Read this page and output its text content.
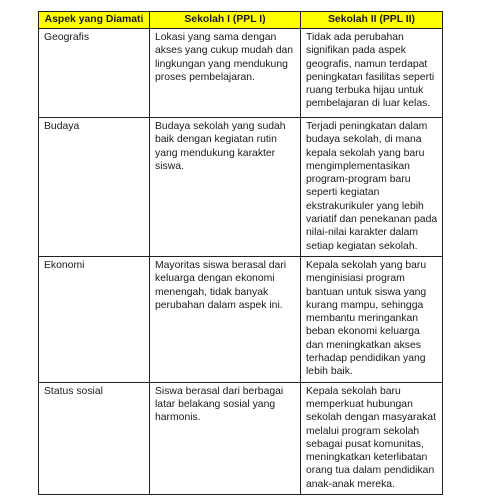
Aspek yang Diamati	Sekolah I (PPL I)	Sekolah II (PPL II)
Geografis	Lokasi yang sama dengan akses yang cukup mudah dan lingkungan yang mendukung proses pembelajaran.	Tidak ada perubahan signifikan pada aspek geografis, namun terdapat peningkatan fasilitas seperti ruang terbuka hijau untuk pembelajaran di luar kelas.
Budaya	Budaya sekolah yang sudah baik dengan kegiatan rutin yang mendukung karakter siswa.	Terjadi peningkatan dalam budaya sekolah, di mana kepala sekolah yang baru mengimplementasikan program-program baru seperti kegiatan ekstrakurikuler yang lebih variatif dan penekanan pada nilai-nilai karakter dalam setiap kegiatan sekolah.
Ekonomi	Mayoritas siswa berasal dari keluarga dengan ekonomi menengah, tidak banyak perubahan dalam aspek ini.	Kepala sekolah yang baru menginisiasi program bantuan untuk siswa yang kurang mampu, sehingga membantu meringankan beban ekonomi keluarga dan meningkatkan akses terhadap pendidikan yang lebih baik.
Status sosial	Siswa berasal dari berbagai latar belakang sosial yang harmonis.	Kepala sekolah baru memperkuat hubungan sekolah dengan masyarakat melalui program sekolah sebagai pusat komunitas, meningkatkan keterlibatan orang tua dalam pendidikan anak-anak mereka.
